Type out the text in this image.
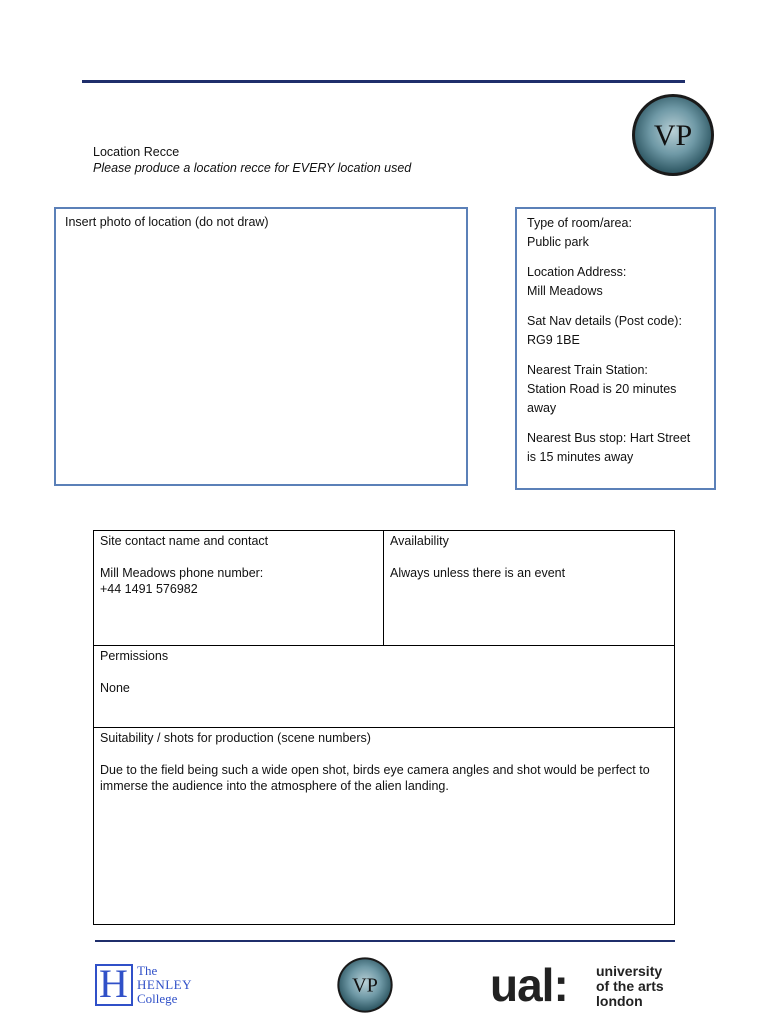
VP
Location Recce
Please produce a location recce for EVERY location used
Insert photo of location (do not draw)	Type of room/area:
Public park
Location Address:
Mill Meadows
Sat Nav details (Post code):
RG9 1BE
Nearest Train Station:
Station Road is 20 minutes away
Nearest Bus stop: Hart Street
is 15 minutes away
Site contact name and contact
Mill Meadows phone number:
+44 1491 576982
Availability
Always unless there is an event
Permissions
None
Suitability / shots for production (scene numbers)
Due to the field being such a wide open shot, birds eye camera angles and shot would be perfect to immerse the audience into the atmosphere of the alien landing.
H The
HENLEY
College
VP ual: university
of the arts
london
